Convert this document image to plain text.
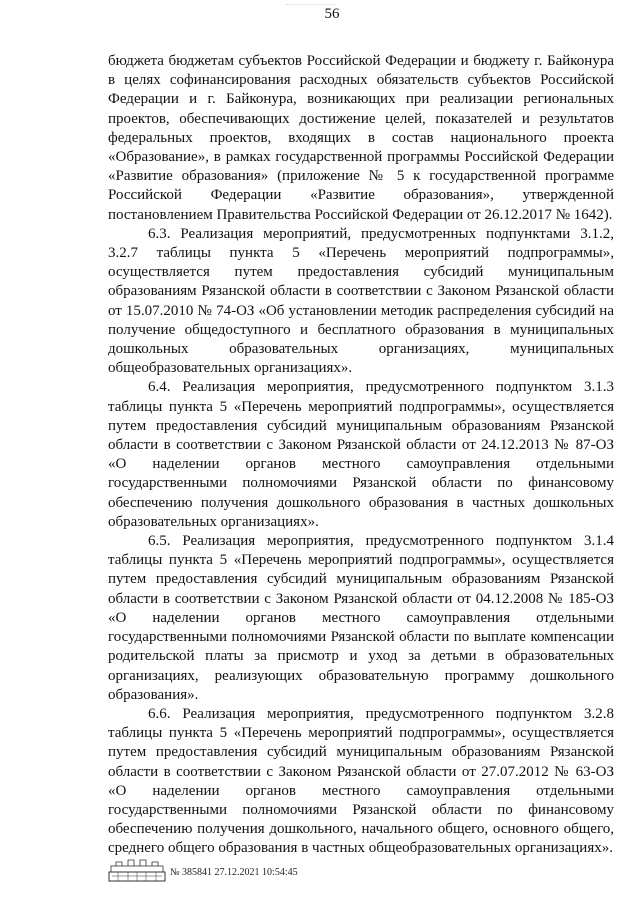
56

бюджета бюджетам субъектов Российской Федерации и бюджету г. Байконура в целях софинансирования расходных обязательств субъектов Российской Федерации и г. Байконура, возникающих при реализации региональных проектов, обеспечивающих достижение целей, показателей и результатов федеральных проектов, входящих в состав национального проекта «Образование», в рамках государственной программы Российской Федерации «Развитие образования» (приложение № 5 к государственной программе Российской Федерации «Развитие образования», утвержденной постановлением Правительства Российской Федерации от 26.12.2017 № 1642).

6.3. Реализация мероприятий, предусмотренных подпунктами 3.1.2, 3.2.7 таблицы пункта 5 «Перечень мероприятий подпрограммы», осуществляется путем предоставления субсидий муниципальным образованиям Рязанской области в соответствии с Законом Рязанской области от 15.07.2010 № 74-ОЗ «Об установлении методик распределения субсидий на получение общедоступного и бесплатного образования в муниципальных дошкольных образовательных организациях, муниципальных общеобразовательных организациях».

6.4. Реализация мероприятия, предусмотренного подпунктом 3.1.3 таблицы пункта 5 «Перечень мероприятий подпрограммы», осуществляется путем предоставления субсидий муниципальным образованиям Рязанской области в соответствии с Законом Рязанской области от 24.12.2013 № 87-ОЗ «О наделении органов местного самоуправления отдельными государственными полномочиями Рязанской области по финансовому обеспечению получения дошкольного образования в частных дошкольных образовательных организациях».

6.5. Реализация мероприятия, предусмотренного подпунктом 3.1.4 таблицы пункта 5 «Перечень мероприятий подпрограммы», осуществляется путем предоставления субсидий муниципальным образованиям Рязанской области в соответствии с Законом Рязанской области от 04.12.2008 № 185-ОЗ «О наделении органов местного самоуправления отдельными государственными полномочиями Рязанской области по выплате компенсации родительской платы за присмотр и уход за детьми в образовательных организациях, реализующих образовательную программу дошкольного образования».

6.6. Реализация мероприятия, предусмотренного подпунктом 3.2.8 таблицы пункта 5 «Перечень мероприятий подпрограммы», осуществляется путем предоставления субсидий муниципальным образованиям Рязанской области в соответствии с Законом Рязанской области от 27.07.2012 № 63-ОЗ «О наделении органов местного самоуправления отдельными государственными полномочиями Рязанской области по финансовому обеспечению получения дошкольного, начального общего, основного общего, среднего общего образования в частных общеобразовательных организациях».

№ 385841 27.12.2021 10:54:45
